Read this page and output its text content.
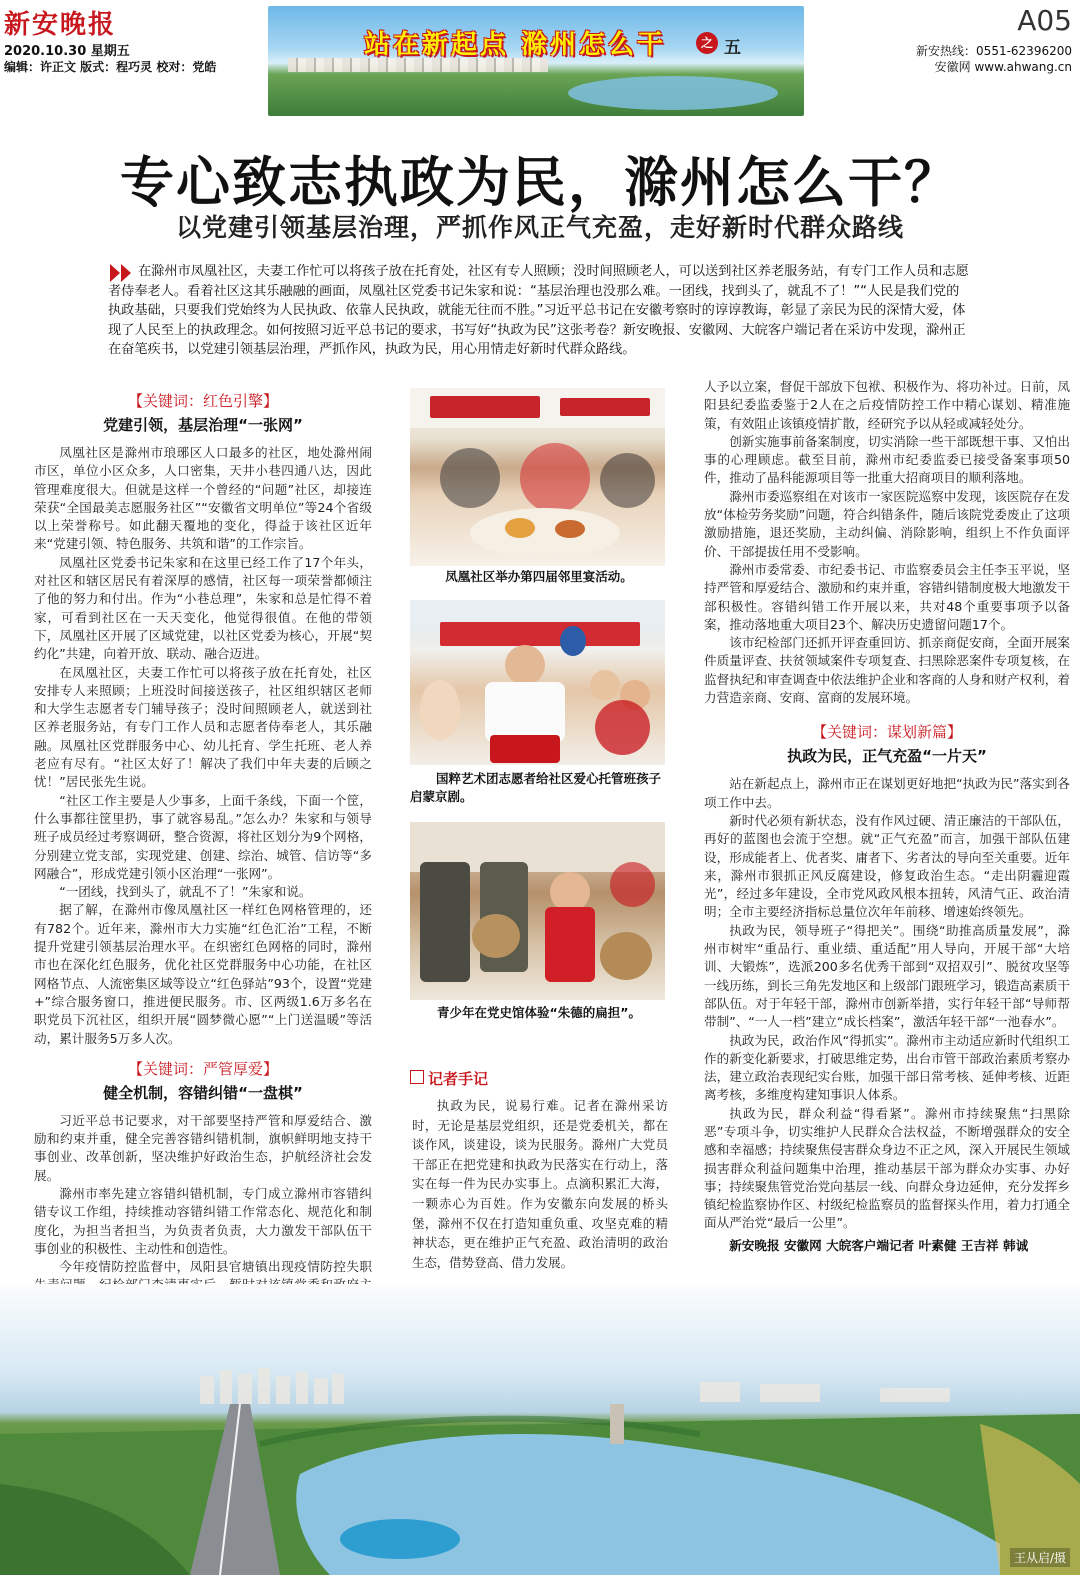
新安晚报
2020.10.30 星期五
编辑：许正文 版式：程巧灵 校对：党皓
站在新起点 滁州怎么干	之 五
A05
新安热线：0551-62396200
安徽网 www.ahwang.cn
专心致志执政为民，滁州怎么干？
以党建引领基层治理，严抓作风正气充盈，走好新时代群众路线

在滁州市凤凰社区，夫妻工作忙可以将孩子放在托育处，社区有专人照顾；没时间照顾老人，可以送到社区养老服务站，有专门工作人员和志愿者侍奉老人。看着社区这其乐融融的画面，凤凰社区党委书记朱家和说：“基层治理也没那么难。一团线，找到头了，就乱不了！”“人民是我们党的执政基础，只要我们党始终为人民执政、依靠人民执政，就能无往而不胜。”习近平总书记在安徽考察时的谆谆教诲，彰显了亲民为民的深情大爱，体现了人民至上的执政理念。如何按照习近平总书记的要求，书写好“执政为民”这张考卷？新安晚报、安徽网、大皖客户端记者在采访中发现，滁州正在奋笔疾书，以党建引领基层治理，严抓作风，执政为民，用心用情走好新时代群众路线。

【关键词：红色引擎】

党建引领，基层治理“一张网”

凤凰社区是滁州市琅琊区人口最多的社区，地处滁州闹市区，单位小区众多，人口密集，天井小巷四通八达，因此管理难度很大。但就是这样一个曾经的“问题”社区，却接连荣获“全国最美志愿服务社区”“安徽省文明单位”等24个省级以上荣誉称号。如此翻天覆地的变化，得益于该社区近年来“党建引领、特色服务、共筑和谐”的工作宗旨。

凤凰社区党委书记朱家和在这里已经工作了17个年头，对社区和辖区居民有着深厚的感情，社区每一项荣誉都倾注了他的努力和付出。作为“小巷总理”，朱家和总是忙得不着家，可看到社区在一天天变化，他觉得很值。在他的带领下，凤凰社区开展了区域党建，以社区党委为核心，开展“契约化”共建，向着开放、联动、融合迈进。

在凤凰社区，夫妻工作忙可以将孩子放在托育处，社区安排专人来照顾；上班没时间接送孩子，社区组织辖区老师和大学生志愿者专门辅导孩子；没时间照顾老人，就送到社区养老服务站，有专门工作人员和志愿者侍奉老人，其乐融融。凤凰社区党群服务中心、幼儿托育、学生托班、老人养老应有尽有。“社区太好了！解决了我们中年夫妻的后顾之忧！”居民张先生说。

“社区工作主要是人少事多，上面千条线，下面一个筐，什么事都往筐里扔，事了就容易乱。”怎么办？朱家和与领导班子成员经过考察调研，整合资源，将社区划分为9个网格，分别建立党支部，实现党建、创建、综治、城管、信访等“多网融合”，形成党建引领小区治理“一张网”。

“一团线，找到头了，就乱不了！”朱家和说。

据了解，在滁州市像凤凰社区一样红色网格管理的，还有782个。近年来，滁州市大力实施“红色汇治”工程，不断提升党建引领基层治理水平。在织密红色网格的同时，滁州市也在深化红色服务，优化社区党群服务中心功能，在社区网格节点、人流密集区域等设立“红色驿站”93个，设置“党建+”综合服务窗口，推进便民服务。市、区两级1.6万多名在职党员下沉社区，组织开展“圆梦微心愿”“上门送温暖”等活动，累计服务5万多人次。

【关键词：严管厚爱】

健全机制，容错纠错“一盘棋”

习近平总书记要求，对干部要坚持严管和厚爱结合、激励和约束并重，健全完善容错纠错机制，旗帜鲜明地支持干事创业、改革创新，坚决维护好政治生态，护航经济社会发展。

滁州市率先建立容错纠错机制，专门成立滁州市容错纠错专议工作组，持续推动容错纠错工作常态化、规范化和制度化，为担当者担当，为负责者负责，大力激发干部队伍干事创业的积极性、主动性和创造性。

今年疫情防控监督中，凤阳县官塘镇出现疫情防控失职

凤凰社区举办第四届邻里宴活动。
国粹艺术团志愿者给社区爱心托管班孩子启蒙京剧。
青少年在党史馆体验“朱德的扁担”。
记者手记

执政为民，说易行难。记者在滁州采访时，无论是基层党组织，还是党委机关，都在谈作风，谈建设，谈为民服务。滁州广大党员干部正在把党建和执政为民落实在行动上，落实在每一件为民办实事上。点滴积累汇大海，一颗赤心为百姓。作为安徽东向发展的桥头堡，滁州不仅在打造知重负重、攻坚克难的精神状态，更在维护正气充盈、政治清明的政治生态，借势登高、借力发展。

人予以立案，督促干部放下包袱、积极作为、将功补过。日前，凤阳县纪委监委鉴于2人在之后疫情防控工作中精心谋划、精准施策，有效阻止该镇疫情扩散，经研究予以从轻或减轻处分。

创新实施事前备案制度，切实消除一些干部既想干事、又怕出事的心理顾虑。截至目前，滁州市纪委监委已接受备案事项50件，推动了晶科能源项目等一批重大招商项目的顺利落地。

滁州市委巡察组在对该市一家医院巡察中发现，该医院存在发放“体检劳务奖励”问题，符合纠错条件，随后该院党委废止了这项激励措施，退还奖励，主动纠偏、消除影响，组织上不作负面评价、干部提拔任用不受影响。

滁州市委常委、市纪委书记、市监察委员会主任李玉平说，坚持严管和厚爱结合、激励和约束并重，容错纠错制度极大地激发干部积极性。容错纠错工作开展以来，共对48个重要事项予以备案，推动落地重大项目23个、解决历史遗留问题17个。

该市纪检部门还抓开评查重回访、抓亲商促安商，全面开展案件质量评查、扶贫领域案件专项复查、扫黑除恶案件专项复核，在监督执纪和审查调查中依法维护企业和客商的人身和财产权利，着力营造亲商、安商、富商的发展环境。

【关键词：谋划新篇】

执政为民，正气充盈“一片天”

站在新起点上，滁州市正在谋划更好地把“执政为民”落实到各项工作中去。

新时代必须有新状态，没有作风过硬、清正廉洁的干部队伍，再好的蓝图也会流于空想。就“正气充盈”而言，加强干部队伍建设，形成能者上、优者奖、庸者下、劣者汰的导向至关重要。近年来，滁州市狠抓正风反腐建设，修复政治生态。“走出阴霾迎霞光”，经过多年建设，全市党风政风根本扭转，风清气正、政治清明；全市主要经济指标总量位次年年前移、增速始终领先。

执政为民，领导班子“得把关”。围绕“助推高质量发展”，滁州市树牢“重品行、重业绩、重适配”用人导向，开展干部“大培训、大锻炼”，选派200多名优秀干部到“双招双引”、脱贫攻坚等一线历练，到长三角先发地区和上级部门跟班学习，锻造高素质干部队伍。对于年轻干部，滁州市创新举措，实行年轻干部“导师帮带制”、“一人一档”建立“成长档案”，激活年轻干部“一池春水”。

执政为民，政治作风“得抓实”。滁州市主动适应新时代组织工作的新变化新要求，打破思维定势，出台市管干部政治素质考察办法，建立政治表现纪实台账，加强干部日常考核、延伸考核、近距离考核，多维度构建知事识人体系。

执政为民，群众利益“得看紧”。滁州市持续聚焦“扫黑除恶”专项斗争，切实维护人民群众合法权益，不断增强群众的安全感和幸福感；持续聚焦侵害群众身边不正之风，深入开展民生领域损害群众利益问题集中治理，推动基层干部为群众办实事、办好事；持续聚焦管党治党向基层一线、向群众身边延伸，充分发挥乡镇纪检监察协作区、村级纪检监察员的监督探头作用，着力打通全面从严治党“最后一公里”。

新安晚报 安徽网 大皖客户端记者 叶素健 王吉祥 韩诚

王从启/摄
